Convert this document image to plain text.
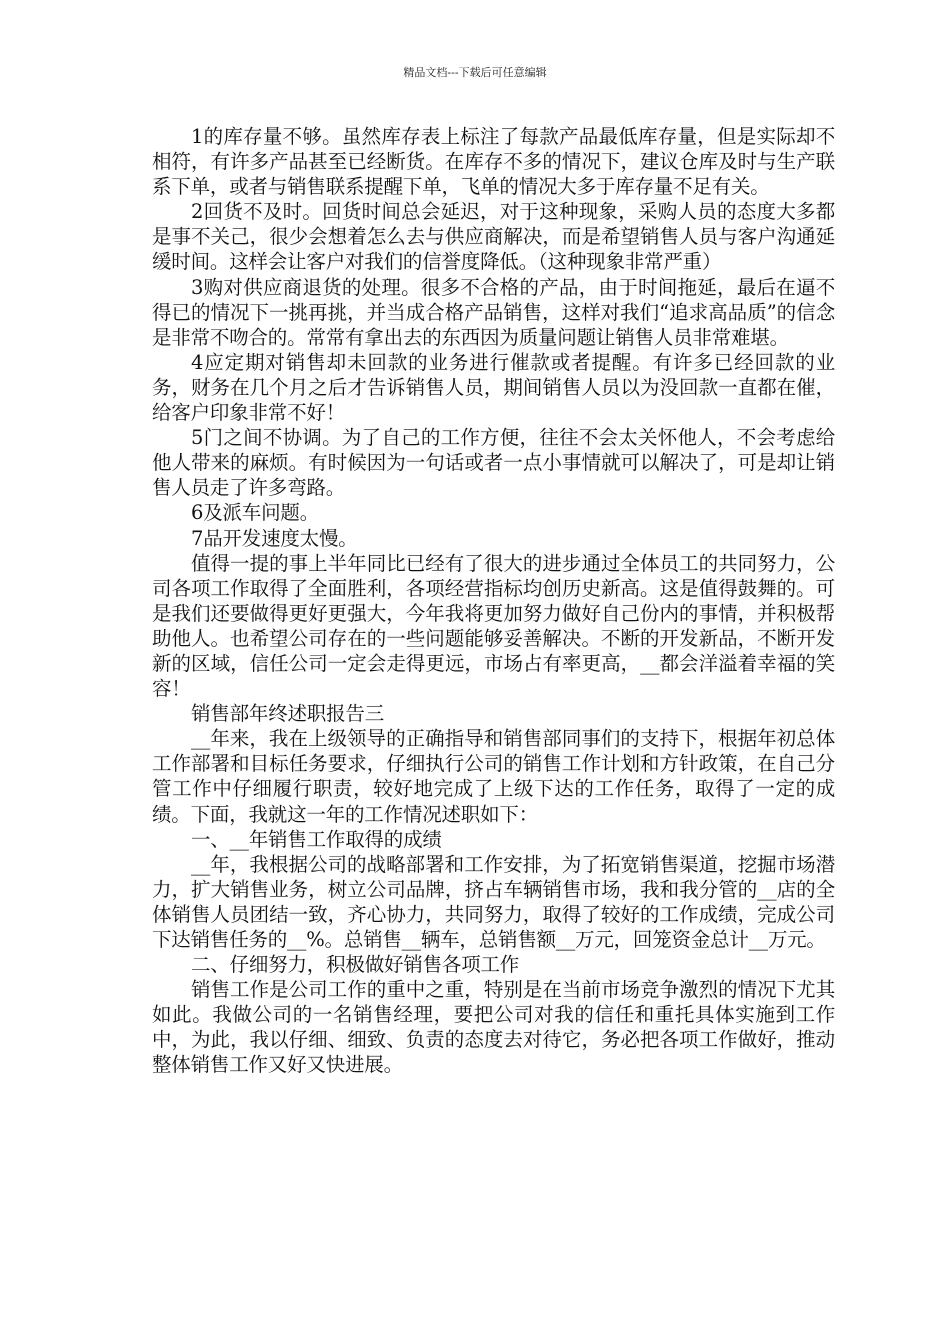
精品文档---下载后可任意编辑

1的库存量不够。虽然库存表上标注了每款产品最低库存量，但是实际却不相符，有许多产品甚至已经断货。在库存不多的情况下，建议仓库及时与生产联系下单，或者与销售联系提醒下单，飞单的情况大多于库存量不足有关。

2回货不及时。回货时间总会延迟，对于这种现象，采购人员的态度大多都是事不关己，很少会想着怎么去与供应商解决，而是希望销售人员与客户沟通延缓时间。这样会让客户对我们的信誉度降低。（这种现象非常严重）

3购对供应商退货的处理。很多不合格的产品，由于时间拖延，最后在逼不得已的情况下一挑再挑，并当成合格产品销售，这样对我们“追求高品质”的信念是非常不吻合的。常常有拿出去的东西因为质量问题让销售人员非常难堪。

4应定期对销售却未回款的业务进行催款或者提醒。有许多已经回款的业务，财务在几个月之后才告诉销售人员，期间销售人员以为没回款一直都在催，给客户印象非常不好！

5门之间不协调。为了自己的工作方便，往往不会太关怀他人，不会考虑给他人带来的麻烦。有时候因为一句话或者一点小事情就可以解决了，可是却让销售人员走了许多弯路。

6及派车问题。

7品开发速度太慢。

值得一提的事上半年同比已经有了很大的进步通过全体员工的共同努力，公司各项工作取得了全面胜利，各项经营指标均创历史新高。这是值得鼓舞的。可是我们还要做得更好更强大，今年我将更加努力做好自己份内的事情，并积极帮助他人。也希望公司存在的一些问题能够妥善解决。不断的开发新品，不断开发新的区域，信任公司一定会走得更远，市场占有率更高，__都会洋溢着幸福的笑容！

销售部年终述职报告三

__年来，我在上级领导的正确指导和销售部同事们的支持下，根据年初总体工作部署和目标任务要求，仔细执行公司的销售工作计划和方针政策，在自己分管工作中仔细履行职责，较好地完成了上级下达的工作任务，取得了一定的成绩。下面，我就这一年的工作情况述职如下：

一、__年销售工作取得的成绩

__年，我根据公司的战略部署和工作安排，为了拓宽销售渠道，挖掘市场潜力，扩大销售业务，树立公司品牌，挤占车辆销售市场，我和我分管的__店的全体销售人员团结一致，齐心协力，共同努力，取得了较好的工作成绩，完成公司下达销售任务的__%。总销售__辆车，总销售额__万元，回笼资金总计__万元。

二、仔细努力，积极做好销售各项工作

销售工作是公司工作的重中之重，特别是在当前市场竞争激烈的情况下尤其如此。我做公司的一名销售经理，要把公司对我的信任和重托具体实施到工作中，为此，我以仔细、细致、负责的态度去对待它，务必把各项工作做好，推动整体销售工作又好又快进展。
